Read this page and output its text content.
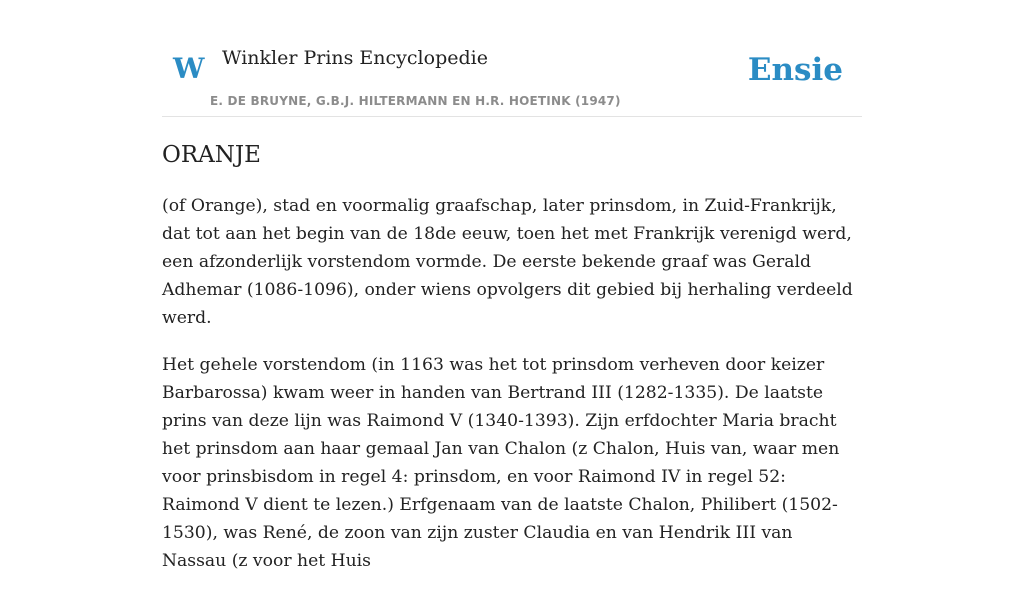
W Winkler Prins Encyclopedie
E. DE BRUYNE, G.B.J. HILTERMANN EN H.R. HOETINK (1947)
Ensie
ORANJE

(of Orange), stad en voormalig graafschap, later prinsdom, in Zuid-Frankrijk, dat tot aan het begin van de 18de eeuw, toen het met Frankrijk verenigd werd, een afzonderlijk vorstendom vormde. De eerste bekende graaf was Gerald Adhemar (1086-1096), onder wiens opvolgers dit gebied bij herhaling verdeeld werd.

Het gehele vorstendom (in 1163 was het tot prinsdom verheven door keizer Barbarossa) kwam weer in handen van Bertrand III (1282-1335). De laatste prins van deze lijn was Raimond V (1340-1393). Zijn erfdochter Maria bracht het prinsdom aan haar gemaal Jan van Chalon (z Chalon, Huis van, waar men voor prinsbisdom in regel 4: prinsdom, en voor Raimond IV in regel 52: Raimond V dient te lezen.) Erfgenaam van de laatste Chalon, Philibert (1502-1530), was René, de zoon van zijn zuster Claudia en van Hendrik III van Nassau (z voor het Huis
